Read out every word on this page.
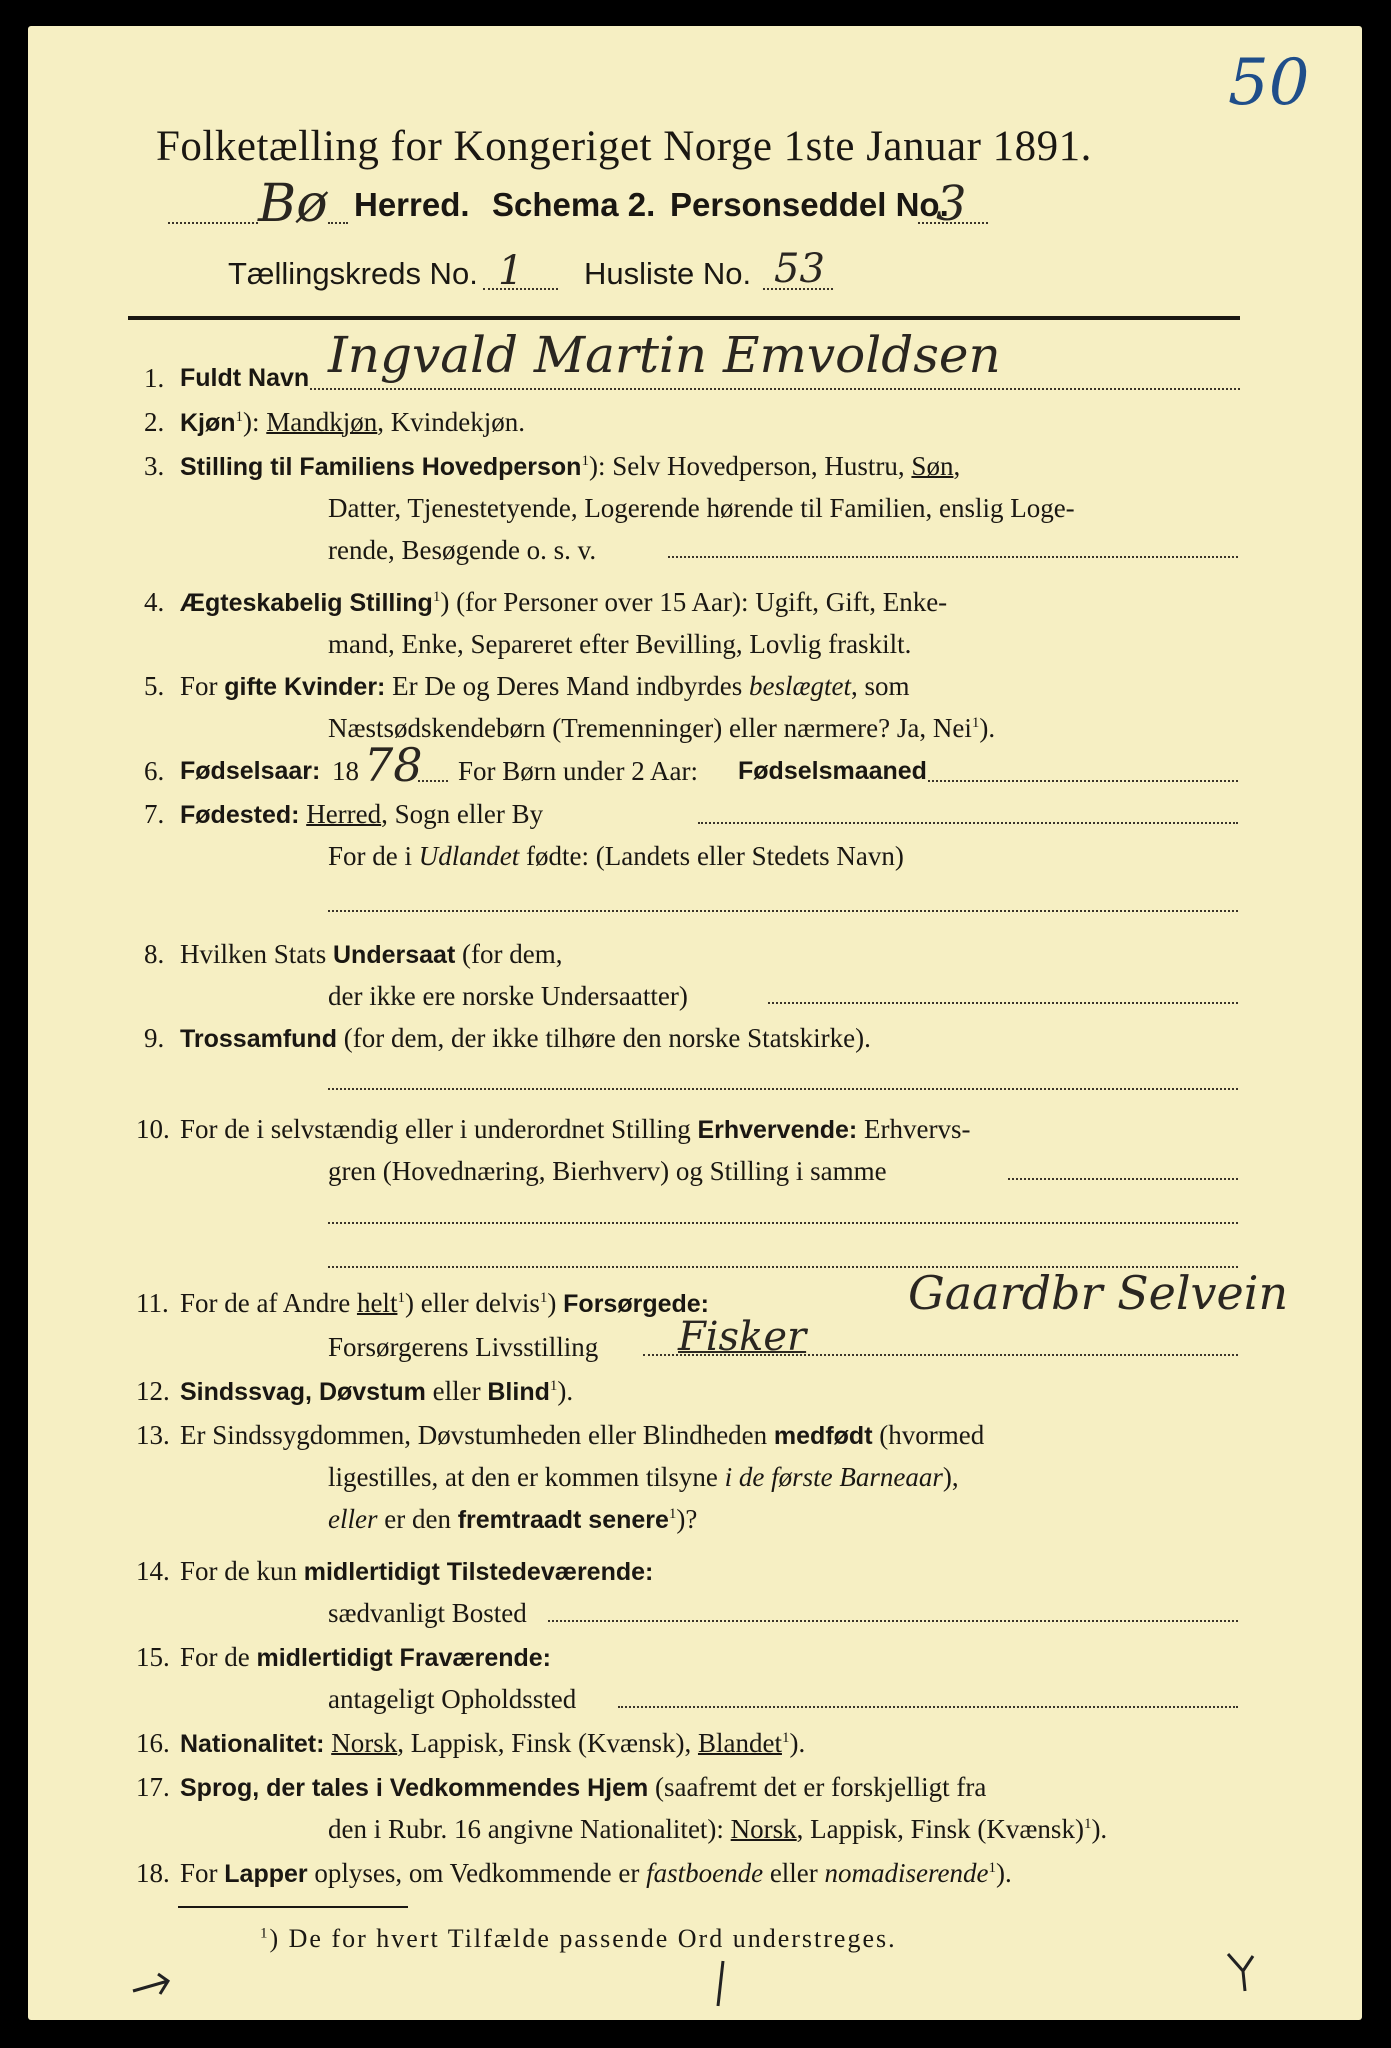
50
Folketælling for Kongeriget Norge 1ste Januar 1891.
Bø Herred. Schema 2. Personseddel No.
3
Tællingskreds No. 1 Husliste No. 53
1. Fuldt Navn Ingvald Martin Emvoldsen
2. Kjøn$^1$): Mandkjøn, Kvindekjøn.
3. Stilling til Familiens Hovedperson$^1$): Selv Hovedperson, Hustru, Søn,
Datter, Tjenestetyende, Logerende hørende til Familien, enslig Loge-
rende, Besøgende o. s. v.
4. Ægteskabelig Stilling$^1$) (for Personer over 15 Aar): Ugift, Gift, Enke-
mand, Enke, Separeret efter Bevilling, Lovlig fraskilt.
5. For gifte Kvinder: Er De og Deres Mand indbyrdes beslægtet, som
Næstsødskendebørn (Tremenninger) eller nærmere? Ja, Nei$^1$).
6. Fødselsaar: 18 78 For Børn under 2 Aar: Fødselsmaaned
7. Fødested: Herred, Sogn eller By
For de i Udlandet fødte: (Landets eller Stedets Navn)
8. Hvilken Stats Undersaat (for dem,
der ikke ere norske Undersaatter)
9. Trossamfund (for dem, der ikke tilhøre den norske Statskirke).
10. For de i selvstændig eller i underordnet Stilling Erhvervende: Erhvervs-
gren (Hovednæring, Bierhverv) og Stilling i samme
11. For de af Andre helt$^1$) eller delvis$^1$) Forsørgede:	Gaardbr Selvein
Forsørgerens Livsstilling Fisker
12. Sindssvag, Døvstum eller Blind$^1$).
13. Er Sindssygdommen, Døvstumheden eller Blindheden medfødt (hvormed
ligestilles, at den er kommen tilsyne i de første Barneaar),
eller er den fremtraadt senere$^1$)?
14. For de kun midlertidigt Tilstedeværende:
sædvanligt Bosted
15. For de midlertidigt Fraværende:
antageligt Opholdssted
16. Nationalitet: Norsk, Lappisk, Finsk (Kvænsk), Blandet$^1$).
17. Sprog, der tales i Vedkommendes Hjem (saafremt det er forskjelligt fra
den i Rubr. 16 angivne Nationalitet): Norsk, Lappisk, Finsk (Kvænsk)$^1$).
18. For Lapper oplyses, om Vedkommende er fastboende eller nomadiserende$^1$).
$^1$) De for hvert Tilfælde passende Ord understreges.
